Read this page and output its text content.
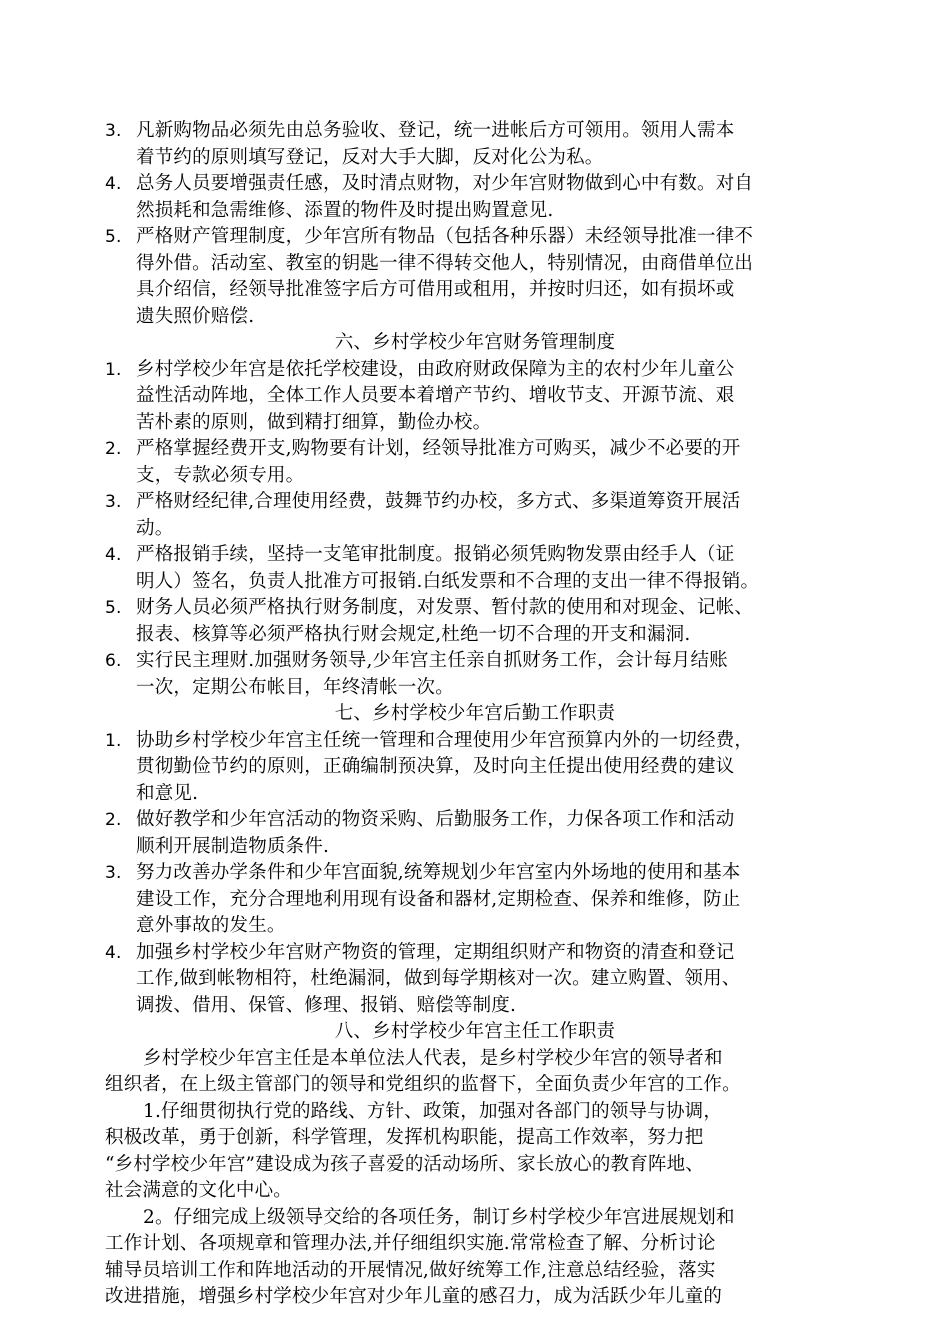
3. 凡新购物品必须先由总务验收、登记，统一进帐后方可领用。领用人需本
着节约的原则填写登记，反对大手大脚，反对化公为私。
4. 总务人员要增强责任感，及时清点财物，对少年宫财物做到心中有数。对自
然损耗和急需维修、添置的物件及时提出购置意见.
5. 严格财产管理制度，少年宫所有物品（包括各种乐器）未经领导批准一律不
得外借。活动室、教室的钥匙一律不得转交他人，特别情况，由商借单位出
具介绍信，经领导批准签字后方可借用或租用，并按时归还，如有损坏或
遗失照价赔偿.
六、乡村学校少年宫财务管理制度
1. 乡村学校少年宫是依托学校建设，由政府财政保障为主的农村少年儿童公
益性活动阵地，全体工作人员要本着增产节约、增收节支、开源节流、艰
苦朴素的原则，做到精打细算，勤俭办校。
2. 严格掌握经费开支,购物要有计划，经领导批准方可购买，减少不必要的开
支，专款必须专用。
3. 严格财经纪律,合理使用经费，鼓舞节约办校，多方式、多渠道筹资开展活
动。
4. 严格报销手续，坚持一支笔审批制度。报销必须凭购物发票由经手人（证
明人）签名，负责人批准方可报销.白纸发票和不合理的支出一律不得报销。
5. 财务人员必须严格执行财务制度，对发票、暂付款的使用和对现金、记帐、
报表、核算等必须严格执行财会规定,杜绝一切不合理的开支和漏洞.
6. 实行民主理财.加强财务领导,少年宫主任亲自抓财务工作，会计每月结账
一次，定期公布帐目，年终清帐一次。
七、乡村学校少年宫后勤工作职责
1. 协助乡村学校少年宫主任统一管理和合理使用少年宫预算内外的一切经费，
贯彻勤俭节约的原则，正确编制预决算，及时向主任提出使用经费的建议
和意见.
2. 做好教学和少年宫活动的物资采购、后勤服务工作，力保各项工作和活动
顺利开展制造物质条件.
3. 努力改善办学条件和少年宫面貌,统筹规划少年宫室内外场地的使用和基本
建设工作，充分合理地利用现有设备和器材,定期检查、保养和维修，防止
意外事故的发生。
4. 加强乡村学校少年宫财产物资的管理，定期组织财产和物资的清查和登记
工作,做到帐物相符，杜绝漏洞，做到每学期核对一次。建立购置、领用、
调拨、借用、保管、修理、报销、赔偿等制度.
八、乡村学校少年宫主任工作职责
乡村学校少年宫主任是本单位法人代表，是乡村学校少年宫的领导者和
组织者，在上级主管部门的领导和党组织的监督下，全面负责少年宫的工作。
1.仔细贯彻执行党的路线、方针、政策，加强对各部门的领导与协调，
积极改革，勇于创新，科学管理，发挥机构职能，提高工作效率，努力把
“乡村学校少年宫”建设成为孩子喜爱的活动场所、家长放心的教育阵地、
社会满意的文化中心。
2。仔细完成上级领导交给的各项任务，制订乡村学校少年宫进展规划和
工作计划、各项规章和管理办法,并仔细组织实施.常常检查了解、分析讨论
辅导员培训工作和阵地活动的开展情况,做好统筹工作,注意总结经验，落实
改进措施，增强乡村学校少年宫对少年儿童的感召力，成为活跃少年儿童的
